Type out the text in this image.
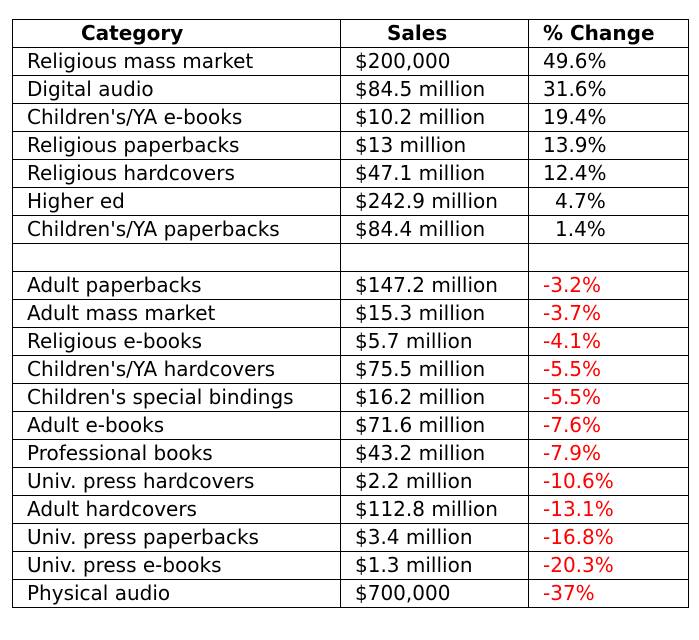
Category	Sales	% Change
Religious mass market	$200,000	49.6%
Digital audio	$84.5 million	31.6%
Children's/YA e-books	$10.2 million	19.4%
Religious paperbacks	$13 million	13.9%
Religious hardcovers	$47.1 million	12.4%
Higher ed	$242.9 million	4.7%
Children's/YA paperbacks	$84.4 million	1.4%

Adult paperbacks	$147.2 million	-3.2%
Adult mass market	$15.3 million	-3.7%
Religious e-books	$5.7 million	-4.1%
Children's/YA hardcovers	$75.5 million	-5.5%
Children's special bindings	$16.2 million	-5.5%
Adult e-books	$71.6 million	-7.6%
Professional books	$43.2 million	-7.9%
Univ. press hardcovers	$2.2 million	-10.6%
Adult hardcovers	$112.8 million	-13.1%
Univ. press paperbacks	$3.4 million	-16.8%
Univ. press e-books	$1.3 million	-20.3%
Physical audio	$700,000	-37%
